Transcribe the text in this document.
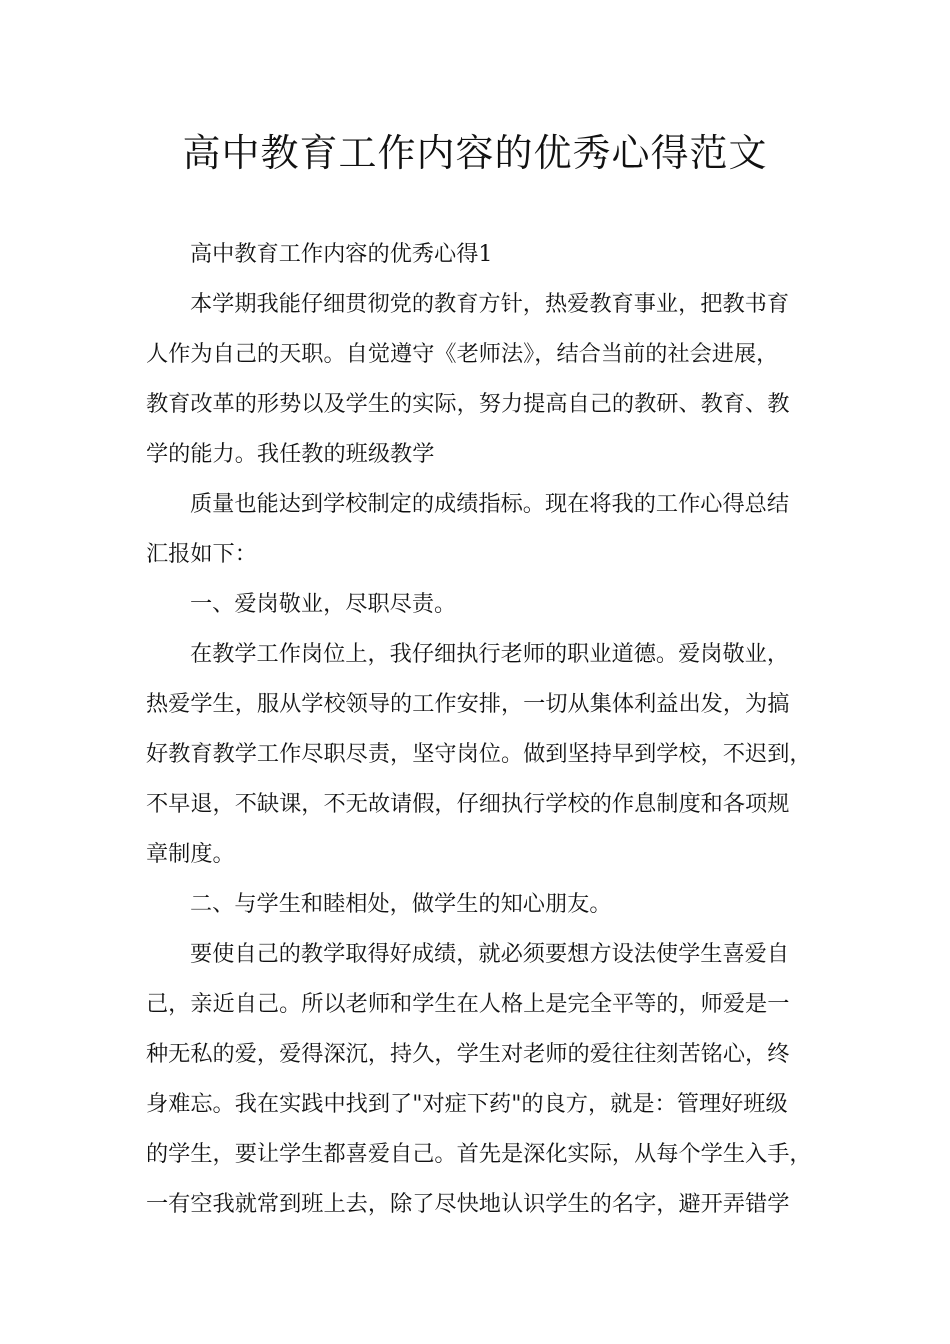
高中教育工作内容的优秀心得范文

高中教育工作内容的优秀心得1

本学期我能仔细贯彻党的教育方针，热爱教育事业，把教书育
人作为自己的天职。自觉遵守《老师法》，结合当前的社会进展，
教育改革的形势以及学生的实际，努力提高自己的教研、教育、教
学的能力。我任教的班级教学

质量也能达到学校制定的成绩指标。现在将我的工作心得总结
汇报如下：

一、爱岗敬业，尽职尽责。

在教学工作岗位上，我仔细执行老师的职业道德。爱岗敬业，
热爱学生，服从学校领导的工作安排，一切从集体利益出发，为搞
好教育教学工作尽职尽责，坚守岗位。做到坚持早到学校，不迟到，
不早退，不缺课，不无故请假，仔细执行学校的作息制度和各项规
章制度。

二、与学生和睦相处，做学生的知心朋友。

要使自己的教学取得好成绩，就必须要想方设法使学生喜爱自
己，亲近自己。所以老师和学生在人格上是完全平等的，师爱是一
种无私的爱，爱得深沉，持久，学生对老师的爱往往刻苦铭心，终
身难忘。我在实践中找到了"对症下药"的良方，就是：管理好班级
的学生，要让学生都喜爱自己。首先是深化实际，从每个学生入手，
一有空我就常到班上去，除了尽快地认识学生的名字，避开弄错学
